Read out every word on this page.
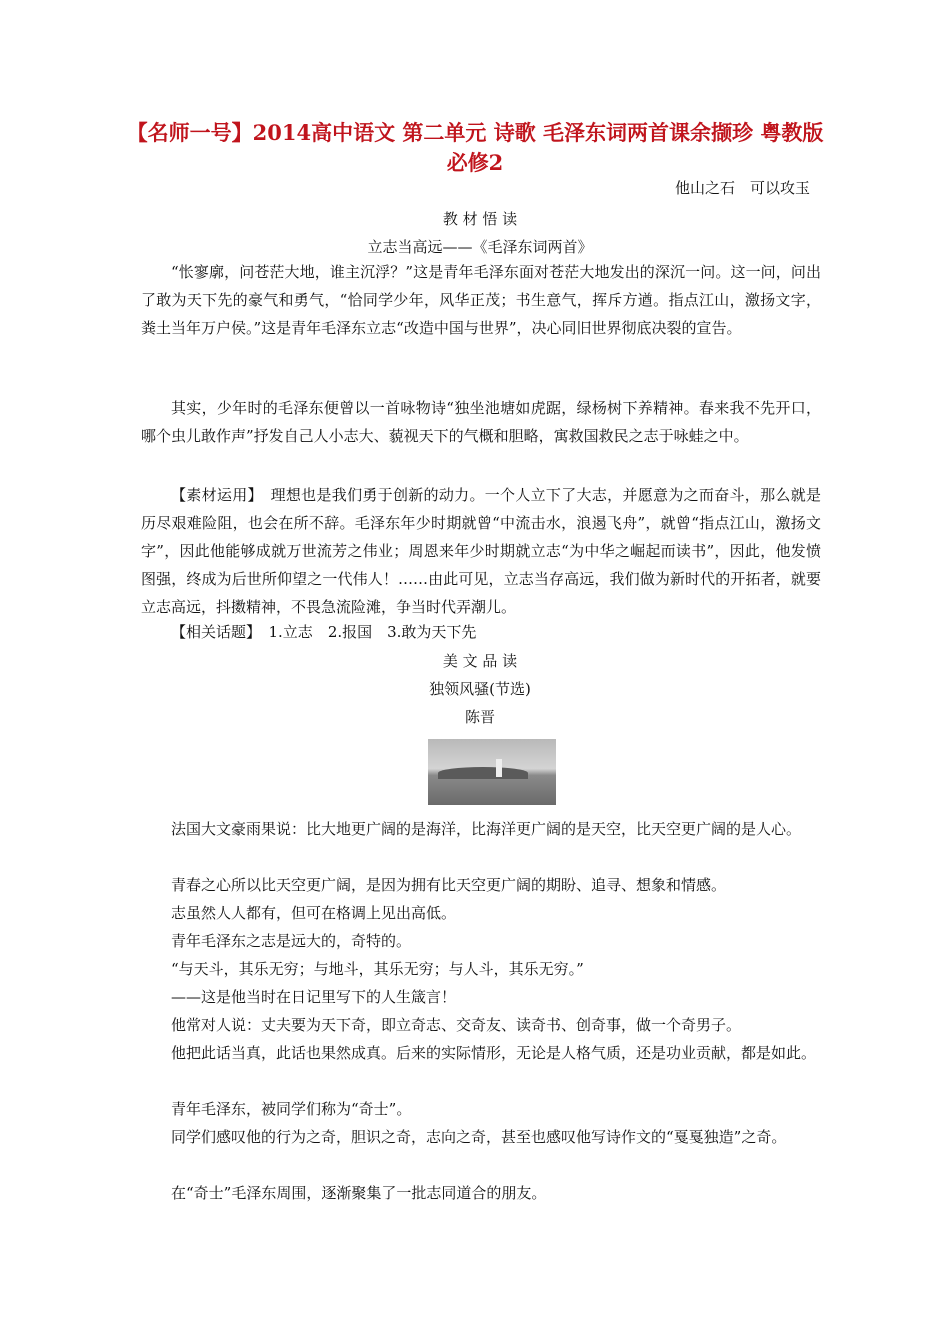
【名师一号】2014高中语文 第二单元 诗歌 毛泽东词两首课余撷珍 粤教版必修2
他山之石　可以攻玉
教 材 悟 读
立志当高远——《毛泽东词两首》
“怅寥廓，问苍茫大地，谁主沉浮？”这是青年毛泽东面对苍茫大地发出的深沉一问。这一问，问出了敢为天下先的豪气和勇气，“恰同学少年，风华正茂；书生意气，挥斥方遒。指点江山，激扬文字，粪土当年万户侯。”这是青年毛泽东立志“改造中国与世界”，决心同旧世界彻底决裂的宣告。
其实，少年时的毛泽东便曾以一首咏物诗“独坐池塘如虎踞，绿杨树下养精神。春来我不先开口，哪个虫儿敢作声”抒发自己人小志大、藐视天下的气概和胆略，寓救国救民之志于咏蛙之中。
【素材运用】　理想也是我们勇于创新的动力。一个人立下了大志，并愿意为之而奋斗，那么就是历尽艰难险阻，也会在所不辞。毛泽东年少时期就曾“中流击水，浪遏飞舟”，就曾“指点江山，激扬文字”，因此他能够成就万世流芳之伟业；周恩来年少时期就立志“为中华之崛起而读书”，因此，他发愤图强，终成为后世所仰望之一代伟人！……由此可见，立志当存高远，我们做为新时代的开拓者，就要立志高远，抖擞精神，不畏急流险滩，争当时代弄潮儿。
【相关话题】　1.立志　2.报国　3.敢为天下先
美 文 品 读
独领风骚(节选)
陈晋
法国大文豪雨果说：比大地更广阔的是海洋，比海洋更广阔的是天空，比天空更广阔的是人心。
青春之心所以比天空更广阔，是因为拥有比天空更广阔的期盼、追寻、想象和情感。
志虽然人人都有，但可在格调上见出高低。
青年毛泽东之志是远大的，奇特的。
“与天斗，其乐无穷；与地斗，其乐无穷；与人斗，其乐无穷。”
——这是他当时在日记里写下的人生箴言！
他常对人说：丈夫要为天下奇，即立奇志、交奇友、读奇书、创奇事，做一个奇男子。
他把此话当真，此话也果然成真。后来的实际情形，无论是人格气质，还是功业贡献，都是如此。
青年毛泽东，被同学们称为“奇士”。
同学们感叹他的行为之奇，胆识之奇，志向之奇，甚至也感叹他写诗作文的“戛戛独造”之奇。
在“奇士”毛泽东周围，逐渐聚集了一批志同道合的朋友。
